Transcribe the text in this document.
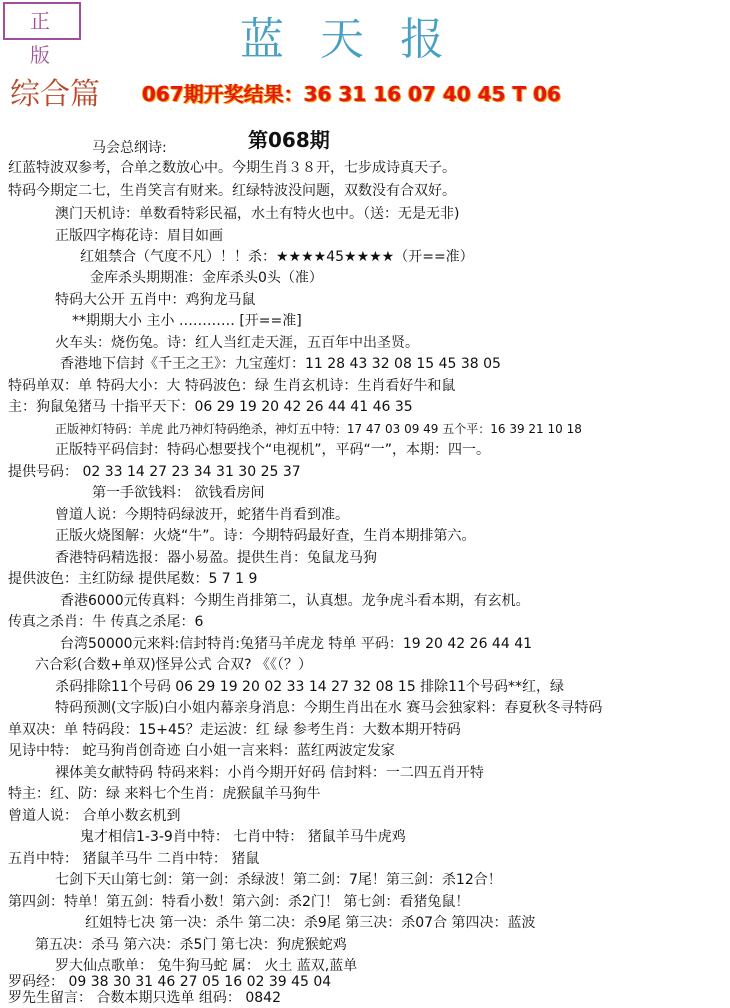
正 版	蓝天报
综合篇 067期开奖结果：36 31 16 07 40 45 T 06
马会总纲诗:	第068期
红蓝特波双参考，合单之数放心中。今期生肖３８开，七步成诗真天子。
特码今期定二七，生肖笑言有财来。红绿特波没问题，双数没有合双好。
澳门天机诗：单数看特彩民福，水土有特火也中。（送：无是无非)
正版四字梅花诗：眉目如画
红姐禁合（气度不凡）！！杀：★★★★45★★★★（开==准）
金库杀头期期准：金库杀头0头（准）
特码大公开 五肖中：鸡狗龙马鼠
**期期大小 主小 ………… [开==准]
火车头：烧伤兔。诗：红人当红走天涯，五百年中出圣贤。
香港地下信封《千王之王》：九宝莲灯：11 28 43 32 08 15 45 38 05
特码单双：单 特码大小：大 特码波色：绿 生肖玄机诗：生肖看好牛和鼠
主：狗鼠兔猪马 十指平天下：06 29 19 20 42 26 44 41 46 35
正版神灯特码：羊虎 此乃神灯特码绝杀，神灯五中特：17 47 03 09 49 五个平：16 39 21 10 18
正版特平码信封：特码心想要找个“电视机”，平码“一”，本期：四一。
提供号码： 02 33 14 27 23 34 31 30 25 37
第一手欲钱料： 欲钱看房间
曾道人说：今期特码绿波开，蛇猪牛肖看到准。
正版火烧图解：火烧“牛”。诗：今期特码最好查，生肖本期排第六。
香港特码精选报：器小易盈。提供生肖：兔鼠龙马狗
提供波色：主红防绿 提供尾数：5 7 1 9
香港6000元传真料：今期生肖排第二，认真想。龙争虎斗看本期，有玄机。
传真之杀肖：牛 传真之杀尾：6
台湾50000元来料:信封特肖:兔猪马羊虎龙 特单 平码：19 20 42 26 44 41
六合彩(合数+单双)怪异公式 合双? 《《（？）
杀码排除11个号码 06 29 19 20 02 33 14 27 32 08 15 排除11个号码**红，绿
特码预测(文字版)白小姐内幕亲身消息：今期生肖出在水 赛马会独家料：春夏秋冬寻特码
单双决：单 特码段：15+45？走运波：红 绿 参考生肖：大数本期开特码
见诗中特： 蛇马狗肖创奇迹 白小姐一言来料：蓝红两波定发家
裸体美女献特码 特码来料：小肖今期开好码 信封料：一二四五肖开特
特主：红、防：绿 来料七个生肖：虎猴鼠羊马狗牛
曾道人说： 合单小数玄机到
鬼才相信1-3-9肖中特： 七肖中特： 猪鼠羊马牛虎鸡
五肖中特： 猪鼠羊马牛 二肖中特： 猪鼠
七剑下天山第七剑：第一剑：杀绿波！第二剑：7尾！第三剑：杀12合！
第四剑：特单！第五剑：特看小数！第六剑：杀2门！ 第七剑：看猪兔鼠！
红姐特七决 第一决：杀牛 第二决：杀9尾 第三决：杀07合 第四决：蓝波
第五决：杀马 第六决：杀5门 第七决：狗虎猴蛇鸡
罗大仙点歌单： 兔牛狗马蛇 属： 火土 蓝双,蓝单
罗码经： 09 38 30 31 46 27 05 16 02 39 45 04
罗先生留言： 合数本期只选单 组码： 0842
